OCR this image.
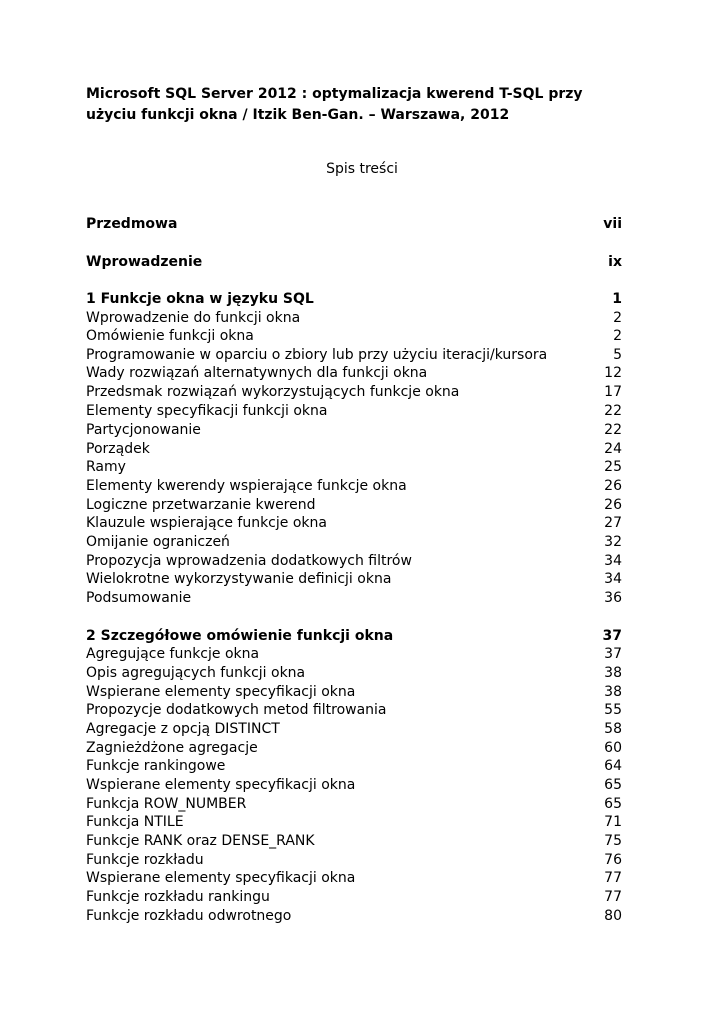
Microsoft SQL Server 2012 : optymalizacja kwerend T-SQL przy użyciu funkcji okna / Itzik Ben-Gan. – Warszawa, 2012
Spis treści
Przedmowa	vii
Wprowadzenie	ix
1 Funkcje okna w języku SQL	1
Wprowadzenie do funkcji okna	2
Omówienie funkcji okna	2
Programowanie w oparciu o zbiory lub przy użyciu iteracji/kursora	5
Wady rozwiązań alternatywnych dla funkcji okna	12
Przedsmak rozwiązań wykorzystujących funkcje okna	17
Elementy specyfikacji funkcji okna	22
Partycjonowanie	22
Porządek	24
Ramy	25
Elementy kwerendy wspierające funkcje okna	26
Logiczne przetwarzanie kwerend	26
Klauzule wspierające funkcje okna	27
Omijanie ograniczeń	32
Propozycja wprowadzenia dodatkowych filtrów	34
Wielokrotne wykorzystywanie definicji okna	34
Podsumowanie	36
2 Szczegółowe omówienie funkcji okna	37
Agregujące funkcje okna	37
Opis agregujących funkcji okna	38
Wspierane elementy specyfikacji okna	38
Propozycje dodatkowych metod filtrowania	55
Agregacje z opcją DISTINCT	58
Zagnieżdżone agregacje	60
Funkcje rankingowe	64
Wspierane elementy specyfikacji okna	65
Funkcja ROW_NUMBER	65
Funkcja NTILE	71
Funkcje RANK oraz DENSE_RANK	75
Funkcje rozkładu	76
Wspierane elementy specyfikacji okna	77
Funkcje rozkładu rankingu	77
Funkcje rozkładu odwrotnego	80
